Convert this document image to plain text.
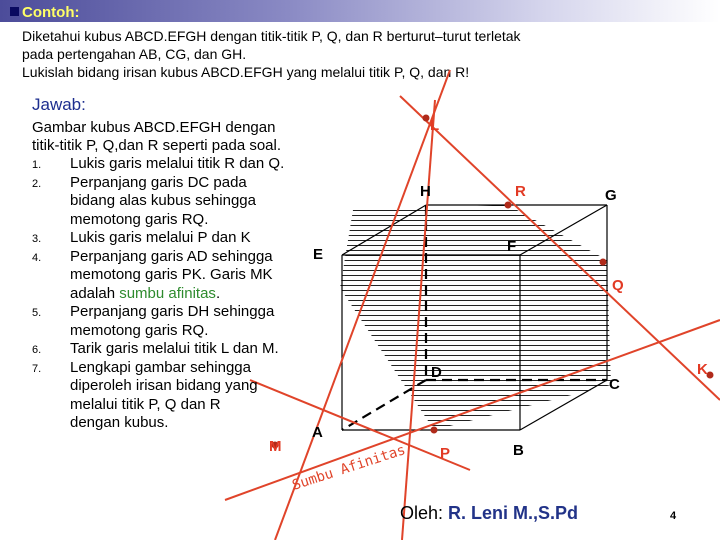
Contoh:
Diketahui kubus ABCD.EFGH dengan titik-titik P, Q, dan R berturut–turut terletak
pada pertengahan AB, CG, dan GH.
Lukislah bidang irisan kubus ABCD.EFGH yang melalui titik P, Q, dan R!
L
H	R	G
E	F
Q
D	K
C
A
M	P	B
Sumbu Afinitas
Jawab:
Gambar kubus ABCD.EFGH dengan
titik-titik P, Q,dan R seperti pada soal.
1. Lukis garis melalui titik R dan Q.
2. Perpanjang garis DC pada
bidang alas kubus sehingga
memotong garis RQ.
3. Lukis garis melalui P dan K
4. Perpanjang garis AD sehingga
memotong garis PK. Garis MK
adalah sumbu afinitas.
5. Perpanjang garis DH sehingga
memotong garis RQ.
6. Tarik garis melalui titik L dan M.
7. Lengkapi gambar sehingga
diperoleh irisan bidang yang
melalui titik P, Q dan R
dengan kubus.
Oleh: R. Leni M.,S.Pd	4
